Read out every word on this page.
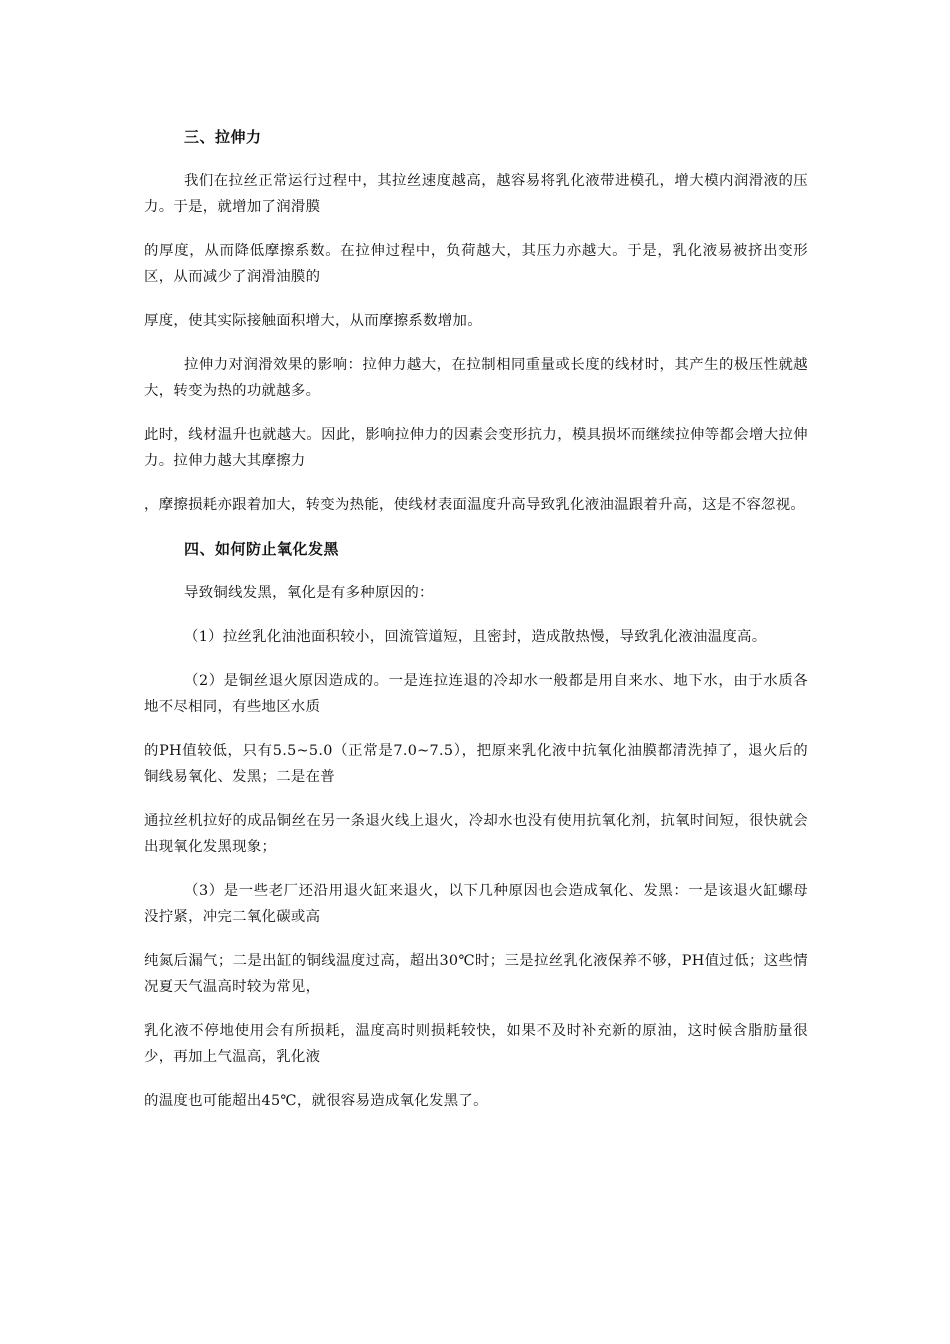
三、拉伸力

我们在拉丝正常运行过程中，其拉丝速度越高，越容易将乳化液带进模孔，增大模内润滑液的压力。于是，就增加了润滑膜

的厚度，从而降低摩擦系数。在拉伸过程中，负荷越大，其压力亦越大。于是，乳化液易被挤出变形区，从而减少了润滑油膜的

厚度，使其实际接触面积增大，从而摩擦系数增加。

拉伸力对润滑效果的影响：拉伸力越大，在拉制相同重量或长度的线材时，其产生的极压性就越大，转变为热的功就越多。

此时，线材温升也就越大。因此，影响拉伸力的因素会变形抗力，模具损坏而继续拉伸等都会增大拉伸力。拉伸力越大其摩擦力

，摩擦损耗亦跟着加大，转变为热能，使线材表面温度升高导致乳化液油温跟着升高，这是不容忽视。

四、如何防止氧化发黑

导致铜线发黑，氧化是有多种原因的：

（1）拉丝乳化油池面积较小，回流管道短，且密封，造成散热慢，导致乳化液油温度高。

（2）是铜丝退火原因造成的。一是连拉连退的冷却水一般都是用自来水、地下水，由于水质各地不尽相同，有些地区水质

的PH值较低，只有5.5~5.0（正常是7.0~7.5），把原来乳化液中抗氧化油膜都清洗掉了，退火后的铜线易氧化、发黑；二是在普

通拉丝机拉好的成品铜丝在另一条退火线上退火，冷却水也没有使用抗氧化剂，抗氧时间短，很快就会出现氧化发黑现象；

（3）是一些老厂还沿用退火缸来退火，以下几种原因也会造成氧化、发黑：一是该退火缸螺母没拧紧，冲完二氧化碳或高

纯氮后漏气；二是出缸的铜线温度过高，超出30℃时；三是拉丝乳化液保养不够，PH值过低；这些情况夏天气温高时较为常见，

乳化液不停地使用会有所损耗，温度高时则损耗较快，如果不及时补充新的原油，这时候含脂肪量很少，再加上气温高，乳化液

的温度也可能超出45℃，就很容易造成氧化发黑了。
